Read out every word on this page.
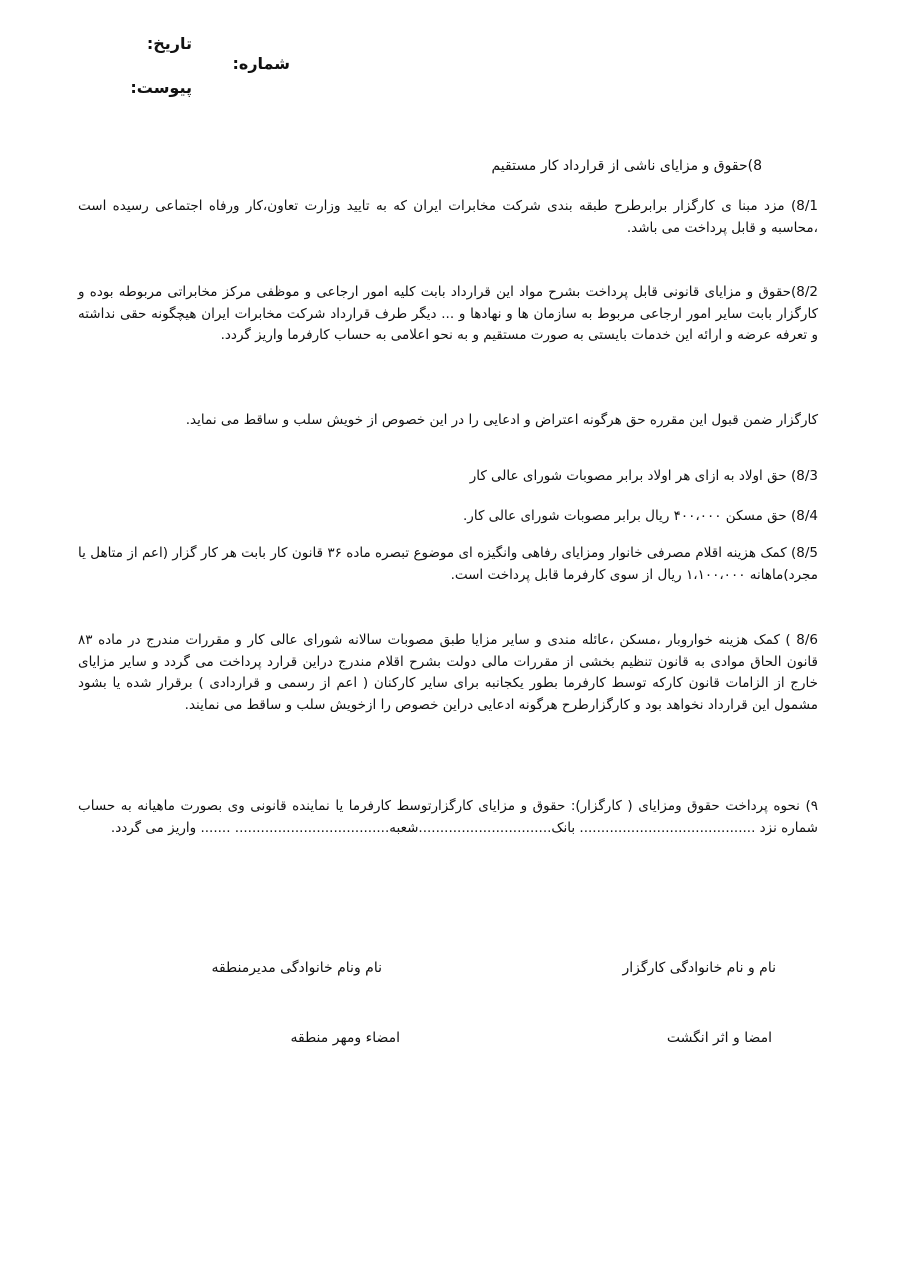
تاریخ:
شماره:
پیوست:
8)حقوق و مزایای ناشی از قرارداد کار مستقیم
8/1) مزد مبنا ی کارگزار برابرطرح طبقه بندی شرکت مخابرات ایران که به تایید وزارت تعاون،کار ورفاه اجتماعی رسیده است ،محاسبه و قابل پرداخت می باشد.
8/2)حقوق و مزایای قانونی قابل پرداخت بشرح مواد این قرارداد بابت کلیه امور ارجاعی و موظفی مرکز مخابراتی مربوطه بوده و کارگزار بابت سایر امور ارجاعی مربوط به سازمان ها و نهادها و ... دیگر طرف قرارداد شرکت مخابرات ایران هیچگونه حقی نداشته و تعرفه عرضه و ارائه این خدمات بایستی به صورت مستقیم و به نحو اعلامی به حساب کارفرما واریز گردد.
کارگزار ضمن قبول این مقرره حق هرگونه اعتراض و ادعایی را در این خصوص از خویش سلب و ساقط می نماید.
8/3) حق اولاد به ازای هر اولاد برابر مصوبات شورای عالی کار
8/4) حق مسکن ۴۰۰،۰۰۰ ریال برابر مصوبات شورای عالی کار.
8/5) کمک هزینه اقلام مصرفی خانوار ومزایای رفاهی وانگیزه ای موضوع تبصره ماده ۳۶ قانون کار بابت هر کار گزار (اعم از متاهل یا مجرد)ماهانه ۱،۱۰۰،۰۰۰ ریال از سوی کارفرما قابل پرداخت است.
8/6 ) کمک هزینه خواروبار ،مسکن ،عائله مندی و سایر مزایا طبق مصوبات سالانه شورای عالی کار و مقررات مندرج در ماده ۸۳ قانون الحاق موادی به قانون تنظیم بخشی از مقررات مالی دولت بشرح اقلام مندرج دراین قرارد پرداخت می گردد و سایر مزایای خارج از الزامات قانون کارکه توسط کارفرما بطور یکجانبه برای سایر کارکنان ( اعم از رسمی و قراردادی ) برقرار شده یا بشود مشمول این قرارداد نخواهد بود و کارگزارطرح هرگونه ادعایی دراین خصوص را ازخویش سلب و ساقط می نمایند.
۹) نحوه پرداخت حقوق ومزایای ( کارگزار): حقوق و مزایای کارگزارتوسط کارفرما یا نماینده قانونی وی بصورت ماهیانه به حساب شماره نزد ......................................... بانک...............................شعبه.................................... ....... واریز می گردد.
نام و نام خانوادگی کارگزار
نام ونام خانوادگی مدیرمنطقه
امضا و اثر انگشت
امضاء ومهر منطقه
